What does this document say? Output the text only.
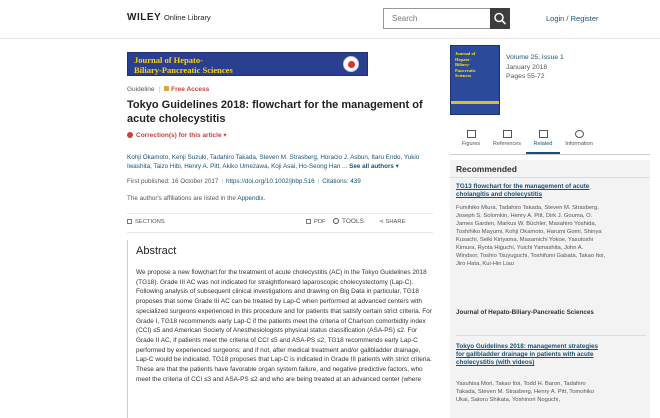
WILEY Online Library
Search	Login / Register
Journal of Hepato-
Biliary-Pancreatic Sciences
Guideline | Free Access
Tokyo Guidelines 2018: flowchart for the management of acute cholecystitis
Correction(s) for this article ▾
Kohji Okamoto, Kenji Suzuki, Tadahiro Takada, Steven M. Strasberg, Horacio J. Asbun, Itaru Endo, Yukio Iwashita, Taizo Hibi, Henry A. Pitt, Akiko Umezawa, Koji Asai, Ho-Seong Han ... See all authors ▾
First published: 16 October 2017 | https://doi.org/10.1002/jhbp.516 | Citations: 439
The author's affiliations are listed in the Appendix.
SECTIONS	PDF	TOOLS	⋖ SHARE
Abstract
We propose a new flowchart for the treatment of acute cholecystitis (AC) in the Tokyo Guidelines 2018 (TG18). Grade III AC was not indicated for straightforward laparoscopic cholecystectomy (Lap-C). Following analysis of subsequent clinical investigations and drawing on Big Data in particular, TG18 proposes that some Grade III AC can be treated by Lap-C when performed at advanced centers with specialized surgeons experienced in this procedure and for patients that satisfy certain strict criteria. For Grade I, TG18 recommends early Lap-C if the patients meet the criteria of Charlson comorbidity index (CCI) ≤5 and American Society of Anesthesiologists physical status classification (ASA-PS) ≤2. For Grade II AC, if patients meet the criteria of CCI ≤5 and ASA-PS ≤2, TG18 recommends early Lap-C performed by experienced surgeons; and if not, after medical treatment and/or gallbladder drainage, Lap-C would be indicated. TG18 proposes that Lap-C is indicated in Grade III patients with strict criteria. These are that the patients have favorable organ system failure, and negative predictive factors, who meet the criteria of CCI ≤3 and ASA-PS ≤2 and who are being treated at an advanced center (where
Journal of
Hepato-
Biliary-
Pancreatic
Sciences
Volume 25, Issue 1
January 2018
Pages 55-72
Figures	References	Related	Information
Recommended
TG13 flowchart for the management of acute cholangitis and cholecystitis
Fumihiko Miura, Tadahiro Takada, Steven M. Strasberg, Joseph S. Solomkin, Henry A. Pitt, Dirk J. Gouma, O. James Garden, Markus W. Büchler, Masahiro Yoshida, Toshihiko Mayumi, Kohji Okamoto, Harumi Gomi, Shinya Kusachi, Seiki Kiriyama, Masamichi Yokoe, Yasutoshi Kimura, Ryota Higuchi, Yuichi Yamashita, John A. Windsor, Toshio Tsuyuguchi, Toshifumi Gabata, Takao Itoi, Jiro Hata, Kui-Hin Liau
Journal of Hepato-Biliary-Pancreatic Sciences
Tokyo Guidelines 2018: management strategies for gallbladder drainage in patients with acute cholecystitis (with videos)
Yasuhisa Mori, Takao Itoi, Todd H. Baron, Tadahiro Takada, Steven M. Strasberg, Henry A. Pitt, Tomohiko Ukai, Satoru Shikata, Yoshinori Noguchi,
